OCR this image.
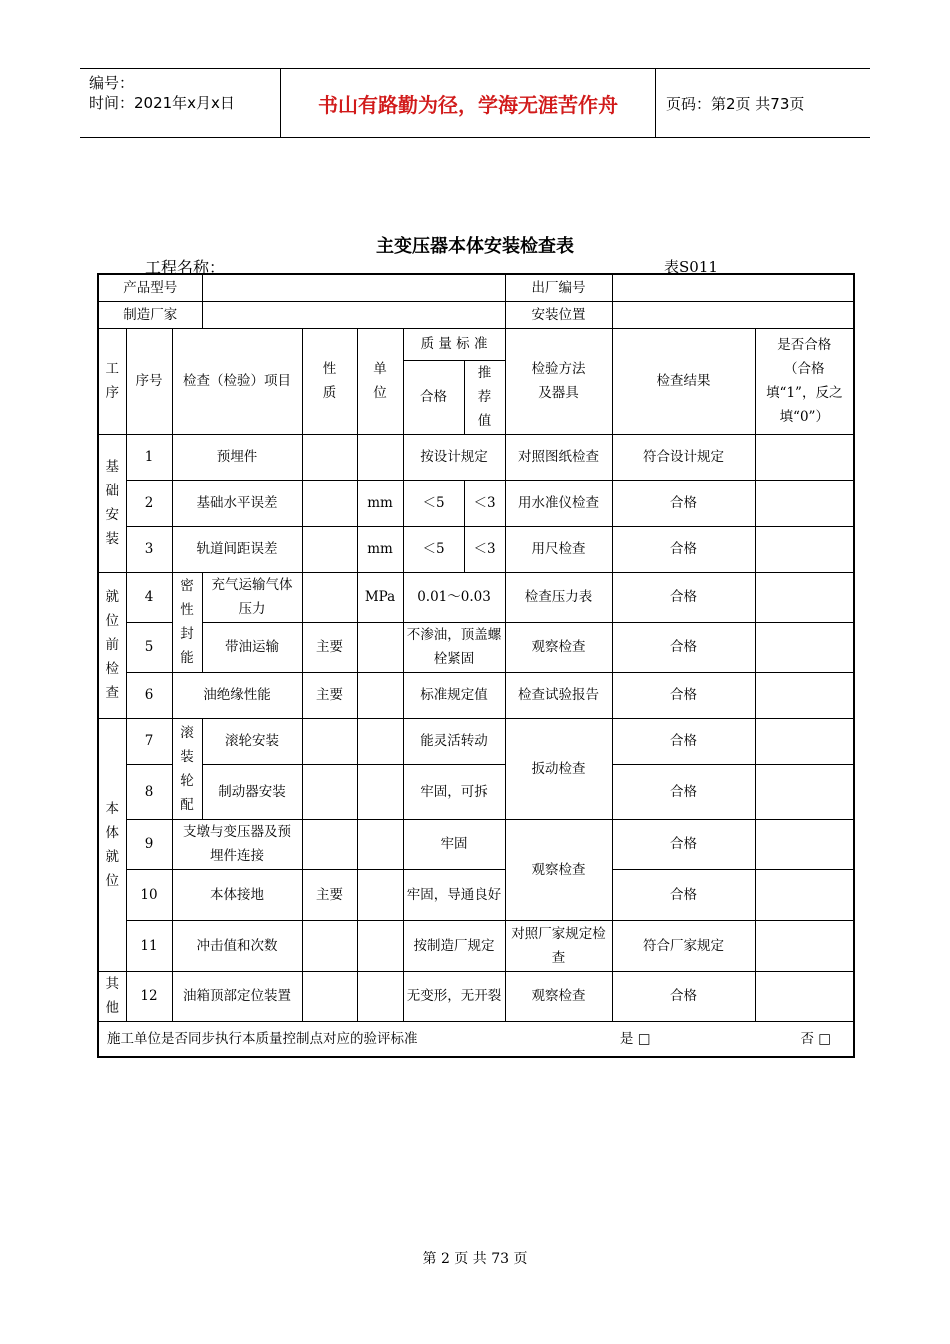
编号：
时间：2021年x月x日	书山有路勤为径，学海无涯苦作舟	页码：第2页 共73页
主变压器本体安装检查表
工程名称：	表S011
产品型号								出厂编号		
制造厂家								安装位置		
工序	序号	检查（检验）项目		性质	单位	质 量 标 准		检验方法及器具	检查结果	是否合格（合格填“1”，反之填“0”）
						合格	推荐值			
基础安装	1	预埋件				按设计规定		对照图纸检查	符合设计规定	
	2	基础水平误差			mm	＜5	＜3	用水准仪检查	合格	
	3	轨道间距误差			mm	＜5	＜3	用尺检查	合格	
就位前检查	4	密性封能	充气运输气体压力		MPa	0.01～0.03		检查压力表	合格	
	5		带油运输	主要		不渗油，顶盖螺栓紧固		观察检查	合格	
	6	油绝缘性能		主要		标准规定值		检查试验报告	合格	
本体就位	7	滚装轮配	滚轮安装			能灵活转动		扳动检查	合格	
	8		制动器安装			牢固，可拆			合格	
	9	支墩与变压器及预埋件连接				牢固		观察检查	合格	
	10	本体接地		主要		牢固，导通良好			合格	
	11	冲击值和次数				按制造厂规定		对照厂家规定检查	符合厂家规定	
其他	12	油箱顶部定位装置				无变形，无开裂		观察检查	合格	

施工单位是否同步执行本质量控制点对应的验评标准 是 □ 否 □										
第 2 页 共 73 页
